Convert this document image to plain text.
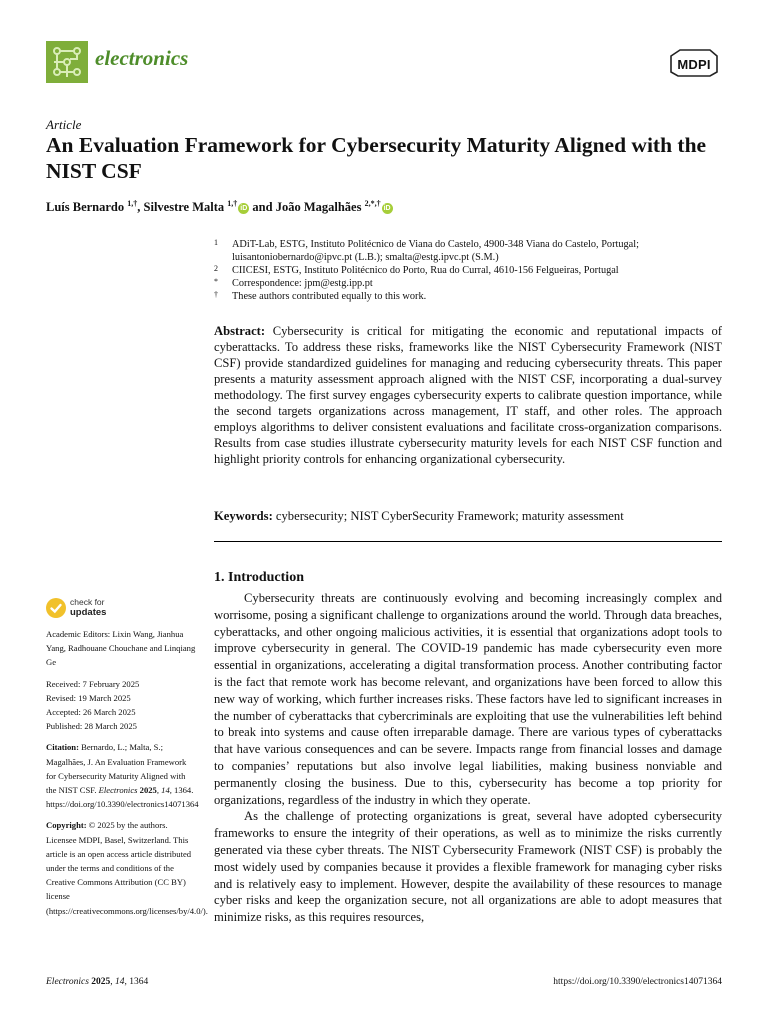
electronics	MDPI
Article
An Evaluation Framework for Cybersecurity Maturity Aligned with the NIST CSF
Luís Bernardo $^{1,\dagger}$, Silvestre Malta $^{1,\dagger}$iD and João Magalhães $^{2,*,\dagger}$iD
1 ADiT-Lab, ESTG, Instituto Politécnico de Viana do Castelo, 4900-348 Viana do Castelo, Portugal; luisantoniobernardo@ipvc.pt (L.B.); smalta@estg.ipvc.pt (S.M.)
2 CIICESI, ESTG, Instituto Politécnico do Porto, Rua do Curral, 4610-156 Felgueiras, Portugal
* Correspondence: jpm@estg.ipp.pt
† These authors contributed equally to this work.
Abstract: Cybersecurity is critical for mitigating the economic and reputational impacts of cyberattacks. To address these risks, frameworks like the NIST Cybersecurity Framework (NIST CSF) provide standardized guidelines for managing and reducing cybersecurity threats. This paper presents a maturity assessment approach aligned with the NIST CSF, incorporating a dual-survey methodology. The first survey engages cybersecurity experts to calibrate question importance, while the second targets organizations across management, IT staff, and other roles. The approach employs algorithms to deliver consistent evaluations and facilitate cross-organization comparisons. Results from case studies illustrate cybersecurity maturity levels for each NIST CSF function and highlight priority controls for enhancing organizational cybersecurity.
Keywords: cybersecurity; NIST CyberSecurity Framework; maturity assessment
1. Introduction

Cybersecurity threats are continuously evolving and becoming increasingly complex and worrisome, posing a significant challenge to organizations around the world. Through data breaches, cyberattacks, and other ongoing malicious activities, it is essential that organizations adopt tools to improve cybersecurity in general. The COVID-19 pandemic has made cybersecurity even more essential in organizations, accelerating a digital transformation process. Another contributing factor is the fact that remote work has become relevant, and organizations have been forced to allow this new way of working, which further increases risks. These factors have led to significant increases in the number of cyberattacks that cybercriminals are exploiting that use the vulnerabilities left behind to break into systems and cause often irreparable damage. There are various types of cyberattacks that have various consequences and can be severe. Impacts range from financial losses and damage to companies’ reputations but also involve legal liabilities, making business nonviable and permanently closing the business. Due to this, cybersecurity has become a top priority for organizations, regardless of the industry in which they operate.

As the challenge of protecting organizations is great, several have adopted cybersecurity frameworks to ensure the integrity of their operations, as well as to minimize the risks currently generated via these cyber threats. The NIST Cybersecurity Framework (NIST CSF) is probably the most widely used by companies because it provides a flexible framework for managing cyber risks and is relatively easy to implement. However, despite the availability of these resources to manage cyber risks and keep the organization secure, not all organizations are able to adopt measures that minimize risks, as this requires resources,

check for
updates
Academic Editors: Lixin Wang, Jianhua Yang, Radhouane Chouchane and Linqiang Ge
Received: 7 February 2025
Revised: 19 March 2025
Accepted: 26 March 2025
Published: 28 March 2025
Citation: Bernardo, L.; Malta, S.; Magalhães, J. An Evaluation Framework for Cybersecurity Maturity Aligned with the NIST CSF. Electronics 2025, 14, 1364. https://doi.org/10.3390/electronics14071364
Copyright: © 2025 by the authors. Licensee MDPI, Basel, Switzerland. This article is an open access article distributed under the terms and conditions of the Creative Commons Attribution (CC BY) license (https://creativecommons.org/licenses/by/4.0/).
Electronics 2025, 14, 1364	https://doi.org/10.3390/electronics14071364
